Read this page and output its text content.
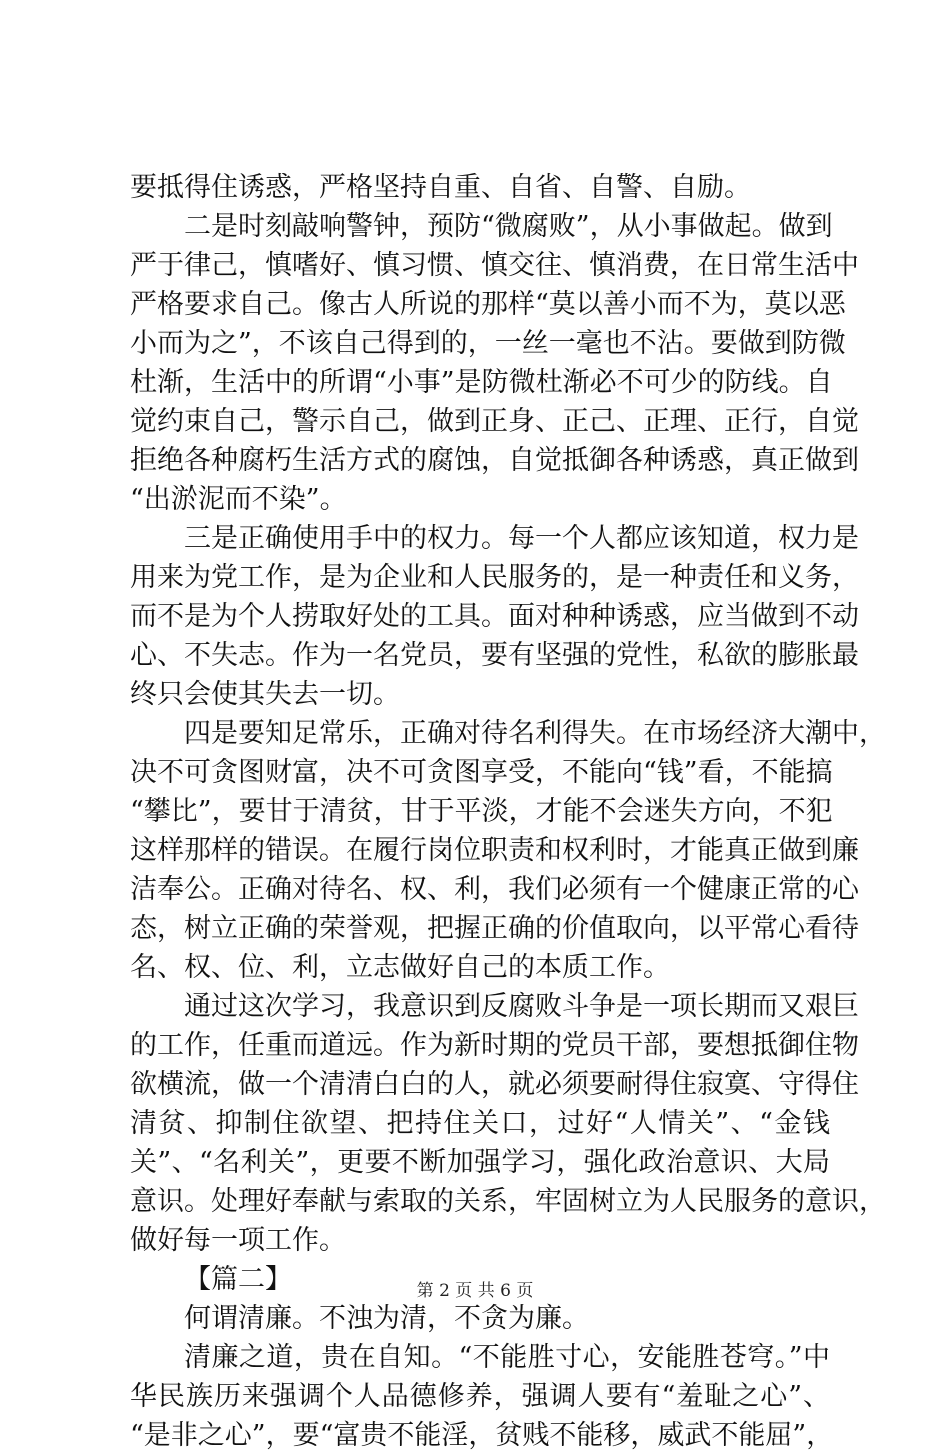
要抵得住诱惑，严格坚持自重、自省、自警、自励。
二是时刻敲响警钟，预防“微腐败”，从小事做起。做到
严于律己，慎嗜好、慎习惯、慎交往、慎消费，在日常生活中
严格要求自己。像古人所说的那样“莫以善小而不为，莫以恶
小而为之”，不该自己得到的，一丝一毫也不沾。要做到防微
杜渐，生活中的所谓“小事”是防微杜渐必不可少的防线。自
觉约束自己，警示自己，做到正身、正己、正理、正行，自觉
拒绝各种腐朽生活方式的腐蚀，自觉抵御各种诱惑，真正做到
“出淤泥而不染”。
三是正确使用手中的权力。每一个人都应该知道，权力是
用来为党工作，是为企业和人民服务的，是一种责任和义务，
而不是为个人捞取好处的工具。面对种种诱惑，应当做到不动
心、不失志。作为一名党员，要有坚强的党性，私欲的膨胀最
终只会使其失去一切。
四是要知足常乐，正确对待名利得失。在市场经济大潮中，
决不可贪图财富，决不可贪图享受，不能向“钱”看，不能搞
“攀比”，要甘于清贫，甘于平淡，才能不会迷失方向，不犯
这样那样的错误。在履行岗位职责和权利时，才能真正做到廉
洁奉公。正确对待名、权、利，我们必须有一个健康正常的心
态，树立正确的荣誉观，把握正确的价值取向，以平常心看待
名、权、位、利，立志做好自己的本质工作。
通过这次学习，我意识到反腐败斗争是一项长期而又艰巨
的工作，任重而道远。作为新时期的党员干部，要想抵御住物
欲横流，做一个清清白白的人，就必须要耐得住寂寞、守得住
清贫、抑制住欲望、把持住关口，过好“人情关”、“金钱
关”、“名利关”，更要不断加强学习，强化政治意识、大局
意识。处理好奉献与索取的关系，牢固树立为人民服务的意识，
做好每一项工作。
【篇二】
何谓清廉。不浊为清，不贪为廉。
清廉之道，贵在自知。“不能胜寸心，安能胜苍穹。”中
华民族历来强调个人品德修养，强调人要有“羞耻之心”、
“是非之心”，要“富贵不能淫，贫贱不能移，威武不能屈”，
第 2 页 共 6 页
